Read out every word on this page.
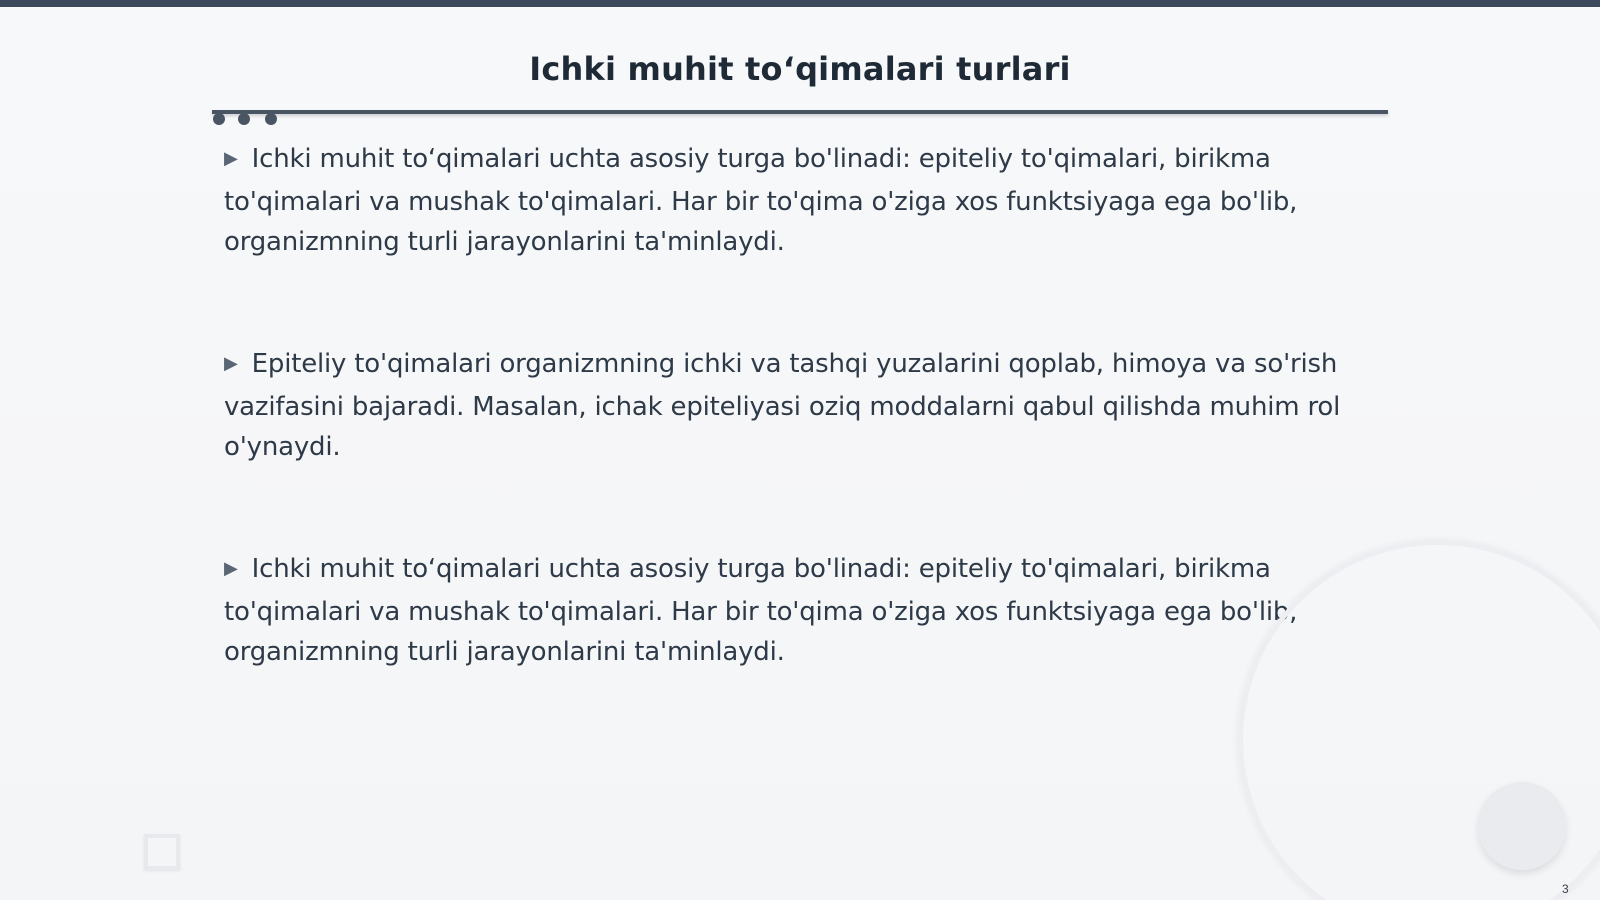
Ichki muhit to‘qimalari turlari

▶ Ichki muhit to‘qimalari uchta asosiy turga bo'linadi: epiteliy to'qimalari, birikma to'qimalari va mushak to'qimalari. Har bir to'qima o'ziga xos funktsiyaga ega bo'lib, organizmning turli jarayonlarini ta'minlaydi.

▶ Epiteliy to'qimalari organizmning ichki va tashqi yuzalarini qoplab, himoya va so'rish vazifasini bajaradi. Masalan, ichak epiteliyasi oziq moddalarni qabul qilishda muhim rol o'ynaydi.

▶ Ichki muhit to‘qimalari uchta asosiy turga bo'linadi: epiteliy to'qimalari, birikma to'qimalari va mushak to'qimalari. Har bir to'qima o'ziga xos funktsiyaga ega bo'lib, organizmning turli jarayonlarini ta'minlaydi.

3
